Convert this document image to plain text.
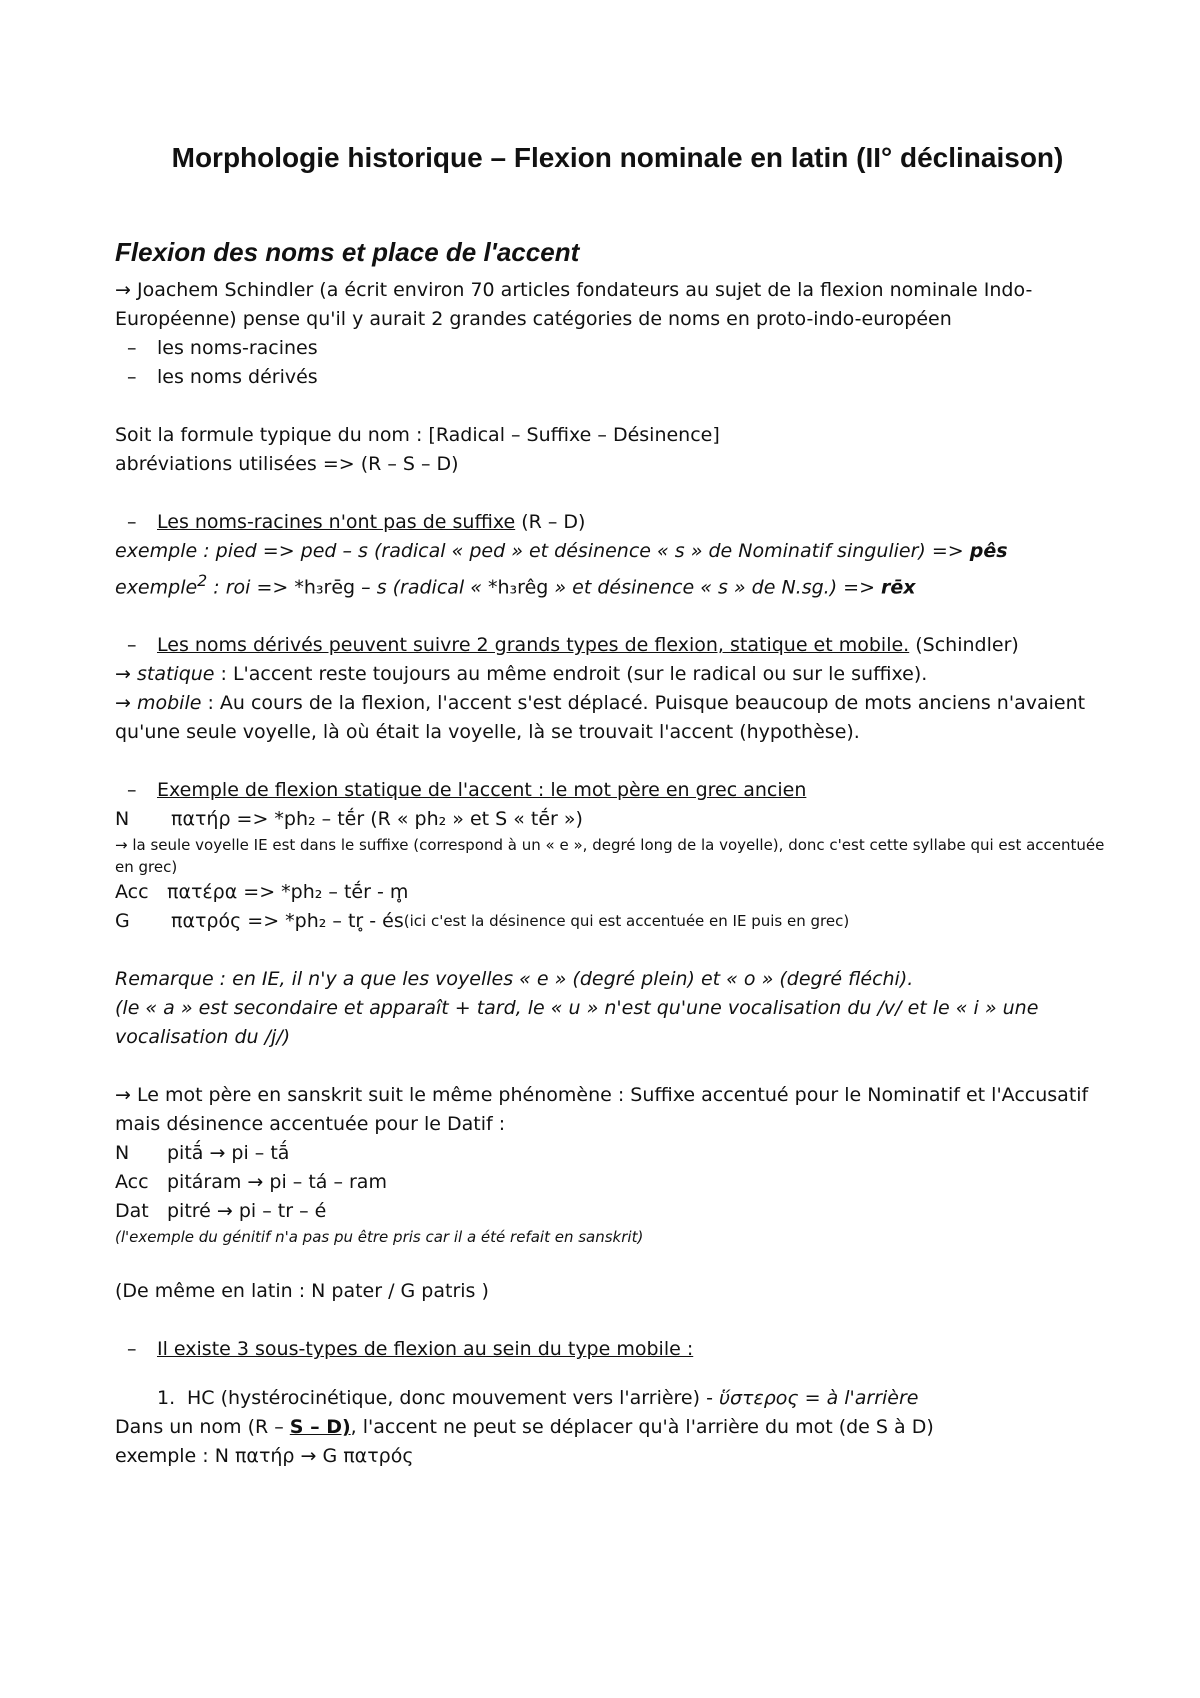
Morphologie historique – Flexion nominale en latin (II° déclinaison)
Flexion des noms et place de l'accent

→ Joachem Schindler (a écrit environ 70 articles fondateurs au sujet de la flexion nominale Indo-Européenne) pense qu'il y aurait 2 grandes catégories de noms en proto-indo-européen

– les noms-racines

– les noms dérivés

Soit la formule typique du nom : [Radical – Suffixe – Désinence]

abréviations utilisées => (R – S – D)

– Les noms-racines n'ont pas de suffixe (R – D)

exemple : pied => ped – s (radical « ped » et désinence « s » de Nominatif singulier) => pês

exemple$^2$ : roi => *h₃rēg – s (radical « *h₃rêg » et désinence « s » de N.sg.) => rēx

– Les noms dérivés peuvent suivre 2 grands types de flexion, statique et mobile. (Schindler)

→ statique : L'accent reste toujours au même endroit (sur le radical ou sur le suffixe).

→ mobile : Au cours de la flexion, l'accent s'est déplacé. Puisque beaucoup de mots anciens n'avaient qu'une seule voyelle, là où était la voyelle, là se trouvait l'accent (hypothèse).

– Exemple de flexion statique de l'accent : le mot père en grec ancien

N	πατήρ => *ph₂ – tḗr (R « ph₂ » et S « tḗr »)

→ la seule voyelle IE est dans le suffixe (correspond à un « e », degré long de la voyelle), donc c'est cette syllabe qui est accentuée en grec)

Acc πατέρα => *ph₂ – tḗr - m̥

G	πατρός => *ph₂ – tr̥ - és (ici c'est la désinence qui est accentuée en IE puis en grec)

Remarque : en IE, il n'y a que les voyelles « e » (degré plein) et « o » (degré fléchi).

(le « a » est secondaire et apparaît + tard, le « u » n'est qu'une vocalisation du /v/ et le « i » une vocalisation du /j/)

→ Le mot père en sanskrit suit le même phénomène : Suffixe accentué pour le Nominatif et l'Accusatif mais désinence accentuée pour le Datif :

N	pitā́ → pi – tā́

Acc pitáram → pi – tá – ram

Dat pitré → pi – tr – é

(l'exemple du génitif n'a pas pu être pris car il a été refait en sanskrit)

(De même en latin : N pater / G patris )

– Il existe 3 sous-types de flexion au sein du type mobile :

1. HC (hystérocinétique, donc mouvement vers l'arrière) - ὕστερος = à l'arrière

Dans un nom (R – S – D), l'accent ne peut se déplacer qu'à l'arrière du mot (de S à D)

exemple : N πατήρ → G πατρός
